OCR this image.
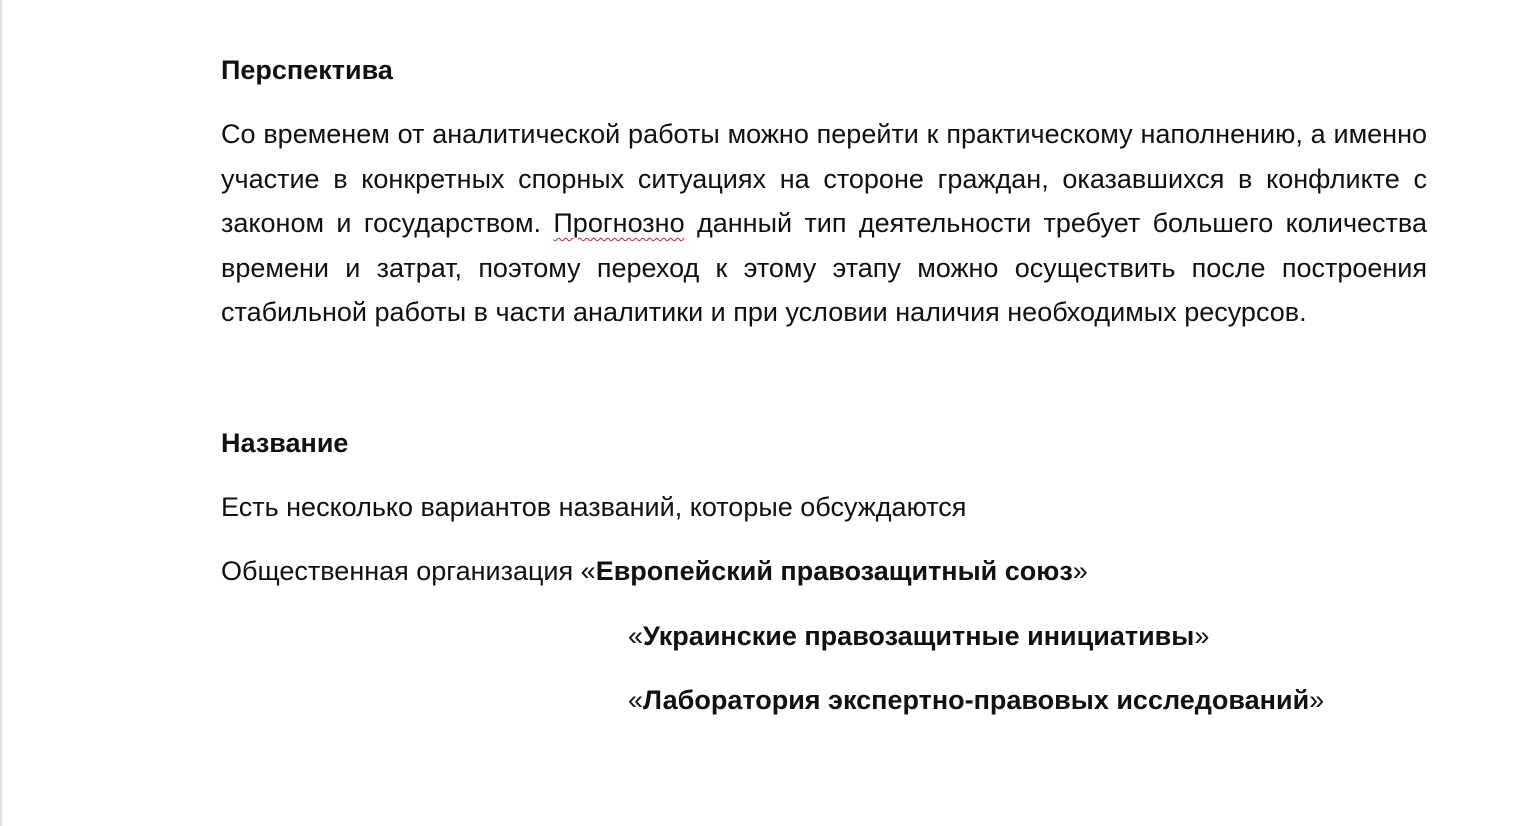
Перспектива

Со временем от аналитической работы можно перейти к практическому наполнению, а именно участие в конкретных спорных ситуациях на стороне граждан, оказавшихся в конфликте с законом и государством. Прогнозно данный тип деятельности требует большего количества времени и затрат, поэтому переход к этому этапу можно осуществить после построения стабильной работы в части аналитики и при условии наличия необходимых ресурсов.

Название

Есть несколько вариантов названий, которые обсуждаются

Общественная организация «Европейский правозащитный союз»

«Украинские правозащитные инициативы»

«Лаборатория экспертно-правовых исследований»
